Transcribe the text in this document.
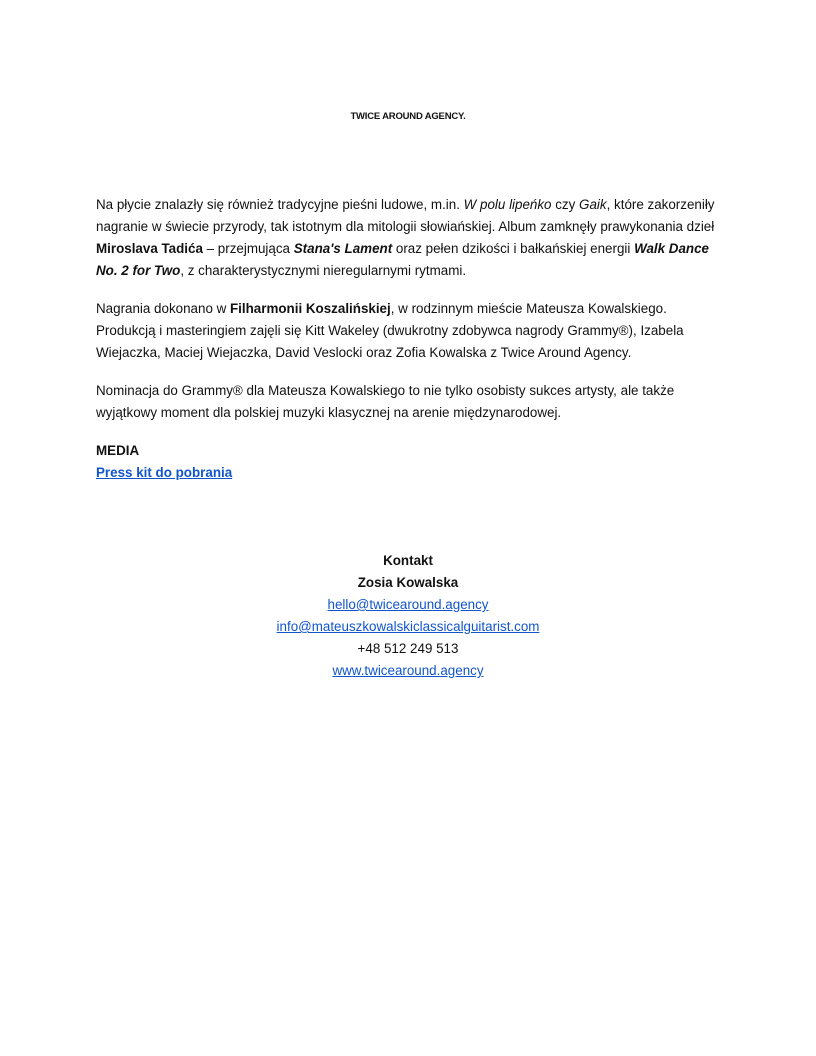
TWICE AROUND AGENCY.

Na płycie znalazły się również tradycyjne pieśni ludowe, m.in. W polu lipeńko czy Gaik, które zakorzeniły nagranie w świecie przyrody, tak istotnym dla mitologii słowiańskiej. Album zamknęły prawykonania dzieł Miroslava Tadića – przejmująca Stana's Lament oraz pełen dzikości i bałkańskiej energii Walk Dance No. 2 for Two, z charakterystycznymi nieregularnymi rytmami.

Nagrania dokonano w Filharmonii Koszalińskiej, w rodzinnym mieście Mateusza Kowalskiego. Produkcją i masteringiem zajęli się Kitt Wakeley (dwukrotny zdobywca nagrody Grammy®), Izabela Wiejaczka, Maciej Wiejaczka, David Veslocki oraz Zofia Kowalska z Twice Around Agency.

Nominacja do Grammy® dla Mateusza Kowalskiego to nie tylko osobisty sukces artysty, ale także wyjątkowy moment dla polskiej muzyki klasycznej na arenie międzynarodowej.

MEDIA
Press kit do pobrania
Kontakt
Zosia Kowalska
hello@twicearound.agency
info@mateuszkowalskiclassicalguitarist.com
+48 512 249 513
www.twicearound.agency
